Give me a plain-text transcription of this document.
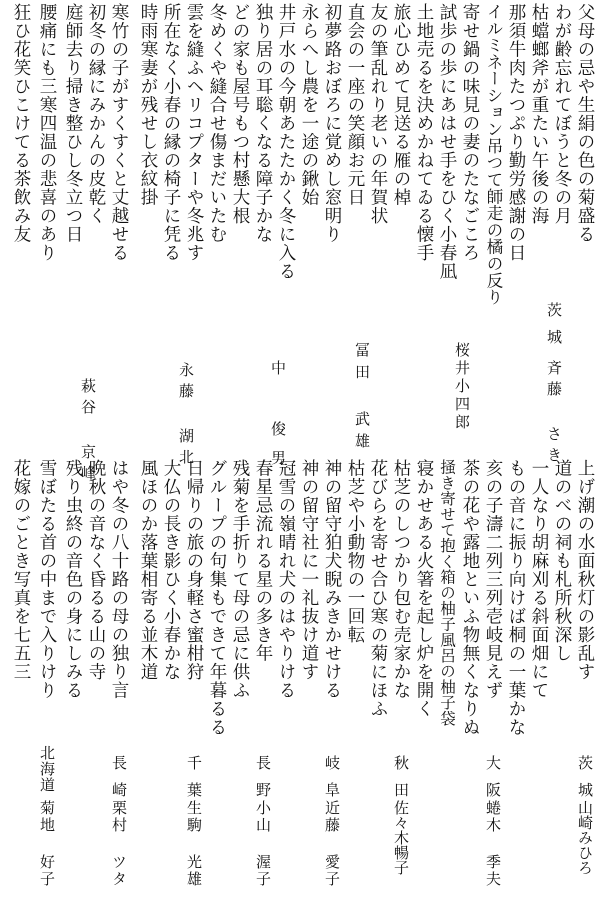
父母の忌や生絹の色の菊盛る
わが齢忘れてぼうと冬の月
枯蟷螂斧が重たい午後の海
那須牛肉たつぷり勤労感謝の日
イルミネーション吊つて師走の橘の反り
寄せ鍋の味見の妻のたなごころ
試歩の歩にあはせ手をひく小春凪
土地売るを決めかねてゐる懐手
旅心ひめて見送る雁の棹
友の筆乱れり老いの年賀状
直会の一座の笑顔お元日
初夢路おぼろに覚めし窓明り
永らへし農を一途の鍬始
井戸水の今朝あたたかく冬に入る
独り居の耳聡くなる障子かな
どの家も屋号もつ村懸大根
冬めくや縫合せ傷まだいたむ
雲を縫ふヘリコプターや冬兆す
所在なく小春の縁の椅子に凭る
時雨寒妻が残せし衣紋掛
寒竹の子がすくすくと丈越せる
初冬の縁にみかんの皮乾く
庭師去り掃き整ひし冬立つ日
腰痛にも三寒四温の悲喜のあり
狂ひ花笑ひこけてる茶飲み友
茨城
斉藤 さき
桜井小四郎
冨田 武雄
中 俊男
永藤 湖北
萩谷 京峰
上げ潮の水面秋灯の影乱す
道のべの祠も札所秋深し
一人なり胡麻刈る斜面畑にて
もの音に振り向けば桐の一葉かな
亥の子濤二列三列壱岐見えず
茶の花や露地といふ物無くなりぬ
掻き寄せて抱く箱の柚子風呂の柚子袋
寝かせある火箸を起し炉を開く
枯芝のしつかり包む売家かな
花びらを寄せ合ひ寒の菊にほふ
枯芝や小動物の一回転
神の留守狛犬睨みきかせける
神の留守社に一礼抜け道す
冠雪の嶺晴れ犬のはやりける
春星忌流れる星の多き年
残菊を手折りて母の忌に供ふ
グループの句集もできて年暮るる
日帰りの旅の身軽さ蜜柑狩
大仏の長き影ひく小春かな
風ほのか落葉相寄る並木道
はや冬の八十路の母の独り言
晩秋の音なく昏るる山の寺
残り虫終の音色の身にしみる
雪ぼたる首の中まで入りけり
花嫁のごとき写真を七五三
茨城
山崎みひろ
大阪
蜷木 季夫
秋田
佐々木暢子
岐阜
近藤 愛子
長野
小山 渥子
千葉
生駒 光雄
長崎
栗村 ツタ
北海道
菊地 好子
